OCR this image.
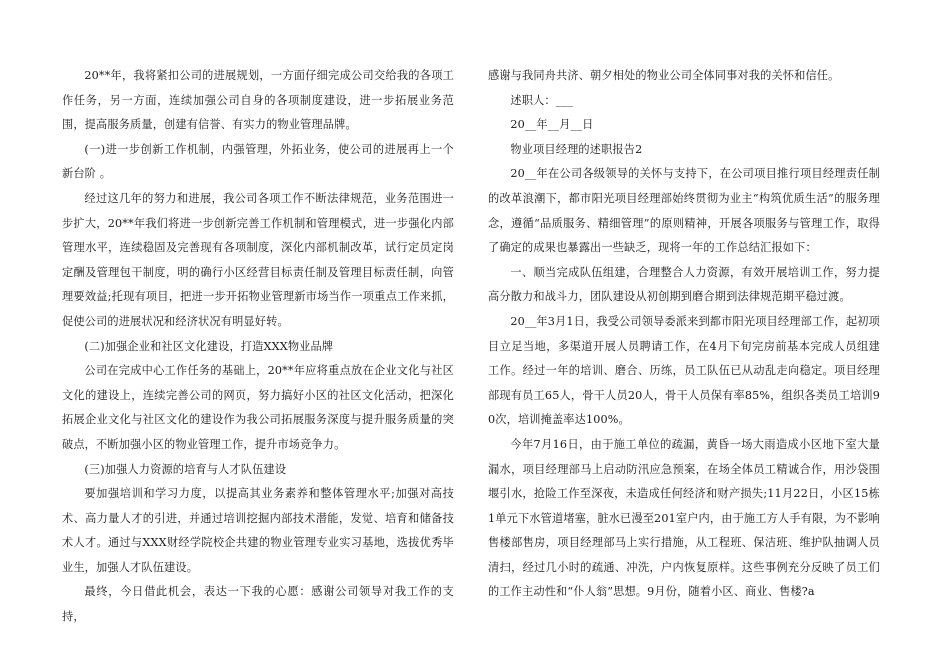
20**年，我将紧扣公司的进展规划，一方面仔细完成公司交给我的各项工作任务，另一方面，连续加强公司自身的各项制度建设，进一步拓展业务范围，提高服务质量，创建有信誉、有实力的物业管理品牌。

(一)进一步创新工作机制，内强管理，外拓业务，使公司的进展再上一个新台阶 。

经过这几年的努力和进展，我公司各项工作不断法律规范，业务范围进一步扩大，20**年我们将进一步创新完善工作机制和管理模式，进一步强化内部管理水平，连续稳固及完善现有各项制度，深化内部机制改革，试行定员定岗定酬及管理包干制度，明的确行小区经营目标责任制及管理目标责任制，向管理要效益;托现有项目，把进一步开拓物业管理新市场当作一项重点工作来抓，促使公司的进展状况和经济状况有明显好转。

(二)加强企业和社区文化建设，打造XXX物业品牌

公司在完成中心工作任务的基础上，20**年应将重点放在企业文化与社区文化的建设上，连续完善公司的网页，努力搞好小区的社区文化活动，把深化拓展企业文化与社区文化的建设作为我公司拓展服务深度与提升服务质量的突破点，不断加强小区的物业管理工作，提升市场竞争力。

(三)加强人力资源的培育与人才队伍建设

要加强培训和学习力度，以提高其业务素养和整体管理水平;加强对高技术、高力量人才的引进，并通过培训挖掘内部技术潜能，发觉、培育和储备技术人才。通过与XXX财经学院校企共建的物业管理专业实习基地，选拔优秀毕业生，加强人才队伍建设。

最终，今日借此机会，表达一下我的心愿：感谢公司领导对我工作的支持，

感谢与我同舟共济、朝夕相处的物业公司全体同事对我的关怀和信任。

述职人：___

20__年__月__日

物业项目经理的述职报告2

20__年在公司各级领导的关怀与支持下，在公司项目推行项目经理责任制的改革浪潮下，都市阳光项目经理部始终贯彻为业主“构筑优质生活”的服务理念，遵循“品质服务、精细管理”的原则精神，开展各项服务与管理工作，取得了确定的成果也暴露出一些缺乏，现将一年的工作总结汇报如下：

一、顺当完成队伍组建，合理整合人力资源，有效开展培训工作，努力提高分散力和战斗力，团队建设从初创期到磨合期到法律规范期平稳过渡。

20__年3月1日，我受公司领导委派来到都市阳光项目经理部工作，起初项目立足当地，多渠道开展人员聘请工作，在4月下旬完房前基本完成人员组建工作。经过一年的培训、磨合、历练，员工队伍已从动乱走向稳定。项目经理部现有员工65人，骨干人员20人，骨干人员保有率85%，组织各类员工培训90次，培训掩盖率达100%。

今年7月16日，由于施工单位的疏漏，黄昏一场大雨造成小区地下室大量漏水，项目经理部马上启动防汛应急预案，在场全体员工精诚合作，用沙袋围堰引水，抢险工作至深夜，未造成任何经济和财产损失;11月22日，小区15栋1单元下水管道堵塞，脏水已漫至201室户内，由于施工方人手有限，为不影响售楼部售房，项目经理部马上实行措施，从工程班、保洁班、维护队抽调人员清扫，经过几小时的疏通、冲洗，户内恢复原样。这些事例充分反映了员工们的工作主动性和“仆人翁”思想。9月份，随着小区、商业、售楼?a
